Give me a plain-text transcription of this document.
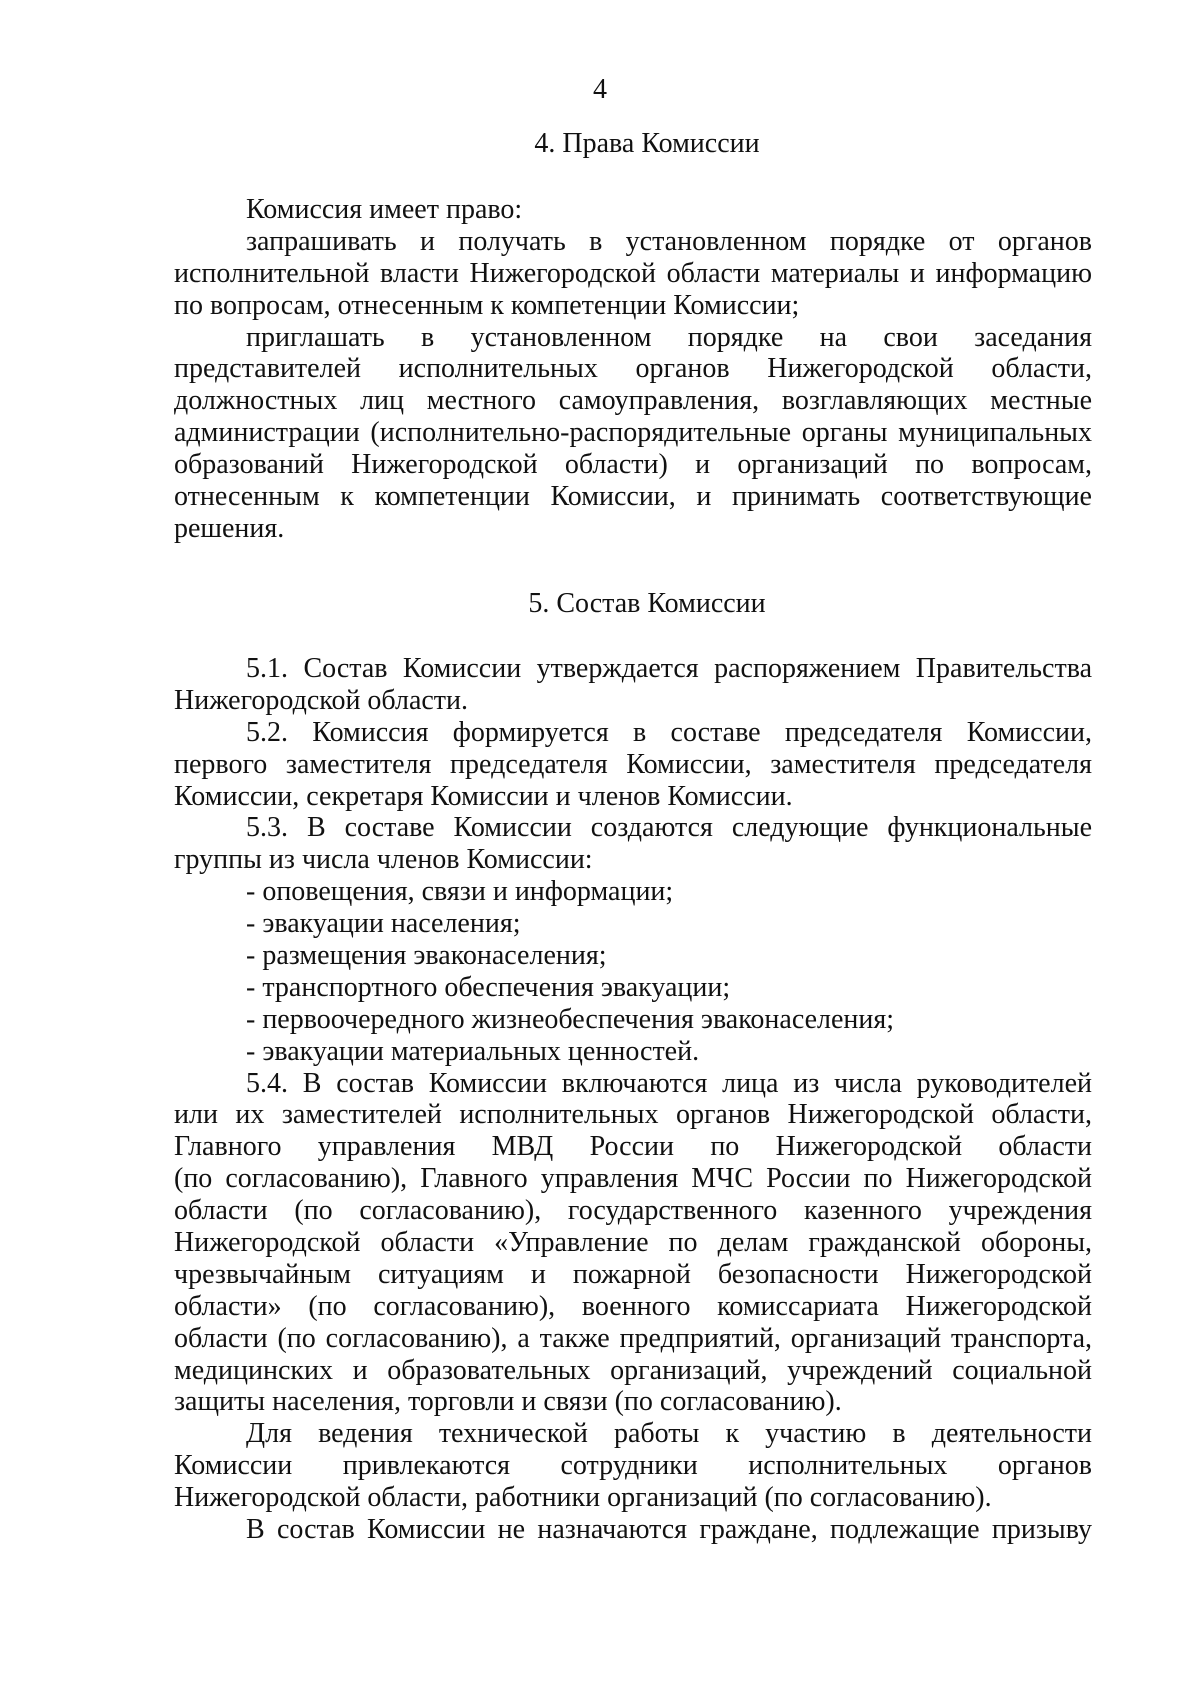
4
4. Права Комиссии
Комиссия имеет право:
запрашивать и получать в установленном порядке от органов
исполнительной власти Нижегородской области материалы и информацию
по вопросам, отнесенным к компетенции Комиссии;
приглашать в установленном порядке на свои заседания
представителей исполнительных органов Нижегородской области,
должностных лиц местного самоуправления, возглавляющих местные
администрации (исполнительно-распорядительные органы муниципальных
образований Нижегородской области) и организаций по вопросам,
отнесенным к компетенции Комиссии, и принимать соответствующие
решения.
5. Состав Комиссии
5.1. Состав Комиссии утверждается распоряжением Правительства
Нижегородской области.
5.2. Комиссия формируется в составе председателя Комиссии,
первого заместителя председателя Комиссии, заместителя председателя
Комиссии, секретаря Комиссии и членов Комиссии.
5.3. В составе Комиссии создаются следующие функциональные
группы из числа членов Комиссии:
- оповещения, связи и информации;
- эвакуации населения;
- размещения эваконаселения;
- транспортного обеспечения эвакуации;
- первоочередного жизнеобеспечения эваконаселения;
- эвакуации материальных ценностей.
5.4. В состав Комиссии включаются лица из числа руководителей
или их заместителей исполнительных органов Нижегородской области,
Главного управления МВД России по Нижегородской области
(по согласованию), Главного управления МЧС России по Нижегородской
области (по согласованию), государственного казенного учреждения
Нижегородской области «Управление по делам гражданской обороны,
чрезвычайным ситуациям и пожарной безопасности Нижегородской
области» (по согласованию), военного комиссариата Нижегородской
области (по согласованию), а также предприятий, организаций транспорта,
медицинских и образовательных организаций, учреждений социальной
защиты населения, торговли и связи (по согласованию).
Для ведения технической работы к участию в деятельности
Комиссии привлекаются сотрудники исполнительных органов
Нижегородской области, работники организаций (по согласованию).
В состав Комиссии не назначаются граждане, подлежащие призыву
